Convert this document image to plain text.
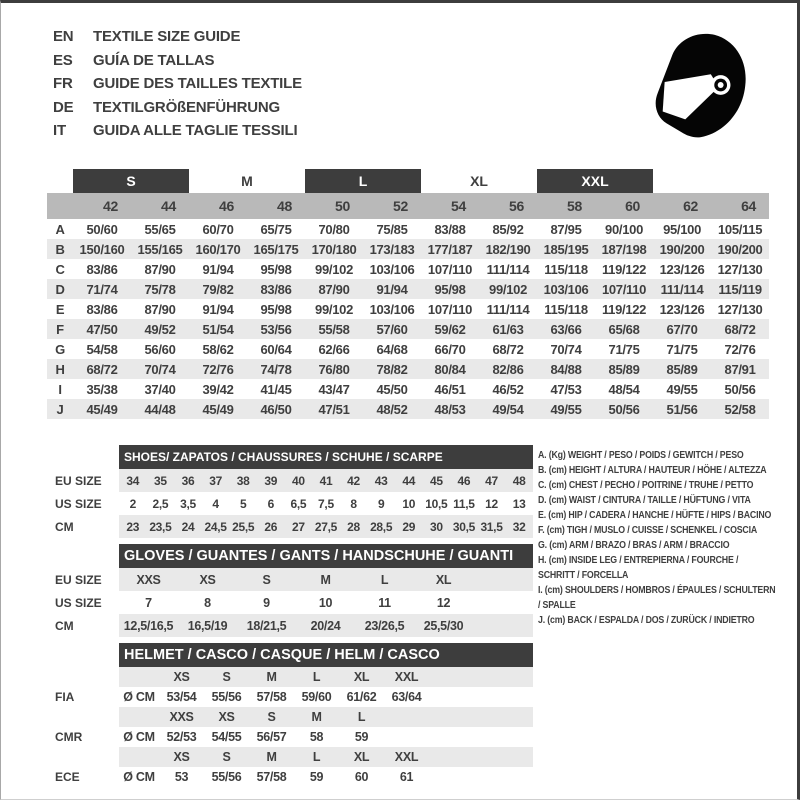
EN	TEXTILE SIZE GUIDE
ES	GUÍA DE TALLAS
FR	GUIDE DES TAILLES TEXTILE
DE	TEXTILGRÖßENFÜHRUNG
IT	GUIDA ALLE TAGLIE TESSILI
	S		M		L		XL		XXL			
	42	44	46	48	50	52	54	56	58	60	62	64
A	50/60	55/65	60/70	65/75	70/80	75/85	83/88	85/92	87/95	90/100	95/100	105/115
B	150/160	155/165	160/170	165/175	170/180	173/183	177/187	182/190	185/195	187/198	190/200	190/200
C	83/86	87/90	91/94	95/98	99/102	103/106	107/110	111/114	115/118	119/122	123/126	127/130
D	71/74	75/78	79/82	83/86	87/90	91/94	95/98	99/102	103/106	107/110	111/114	115/119
E	83/86	87/90	91/94	95/98	99/102	103/106	107/110	111/114	115/118	119/122	123/126	127/130
F	47/50	49/52	51/54	53/56	55/58	57/60	59/62	61/63	63/66	65/68	67/70	68/72
G	54/58	56/60	58/62	60/64	62/66	64/68	66/70	68/72	70/74	71/75	71/75	72/76
H	68/72	70/74	72/76	74/78	76/80	78/82	80/84	82/86	84/88	85/89	85/89	87/91
I	35/38	37/40	39/42	41/45	43/47	45/50	46/51	46/52	47/53	48/54	49/55	50/56
J	45/49	44/48	45/49	46/50	47/51	48/52	48/53	49/54	49/55	50/56	51/56	52/58
	SHOES/ ZAPATOS / CHAUSSURES / SCHUHE / SCARPE														
EU SIZE	34	35	36	37	38	39	40	41	42	43	44	45	46	47	48
US SIZE	2	2,5	3,5	4	5	6	6,5	7,5	8	9	10	10,5	11,5	12	13
CM	23	23,5	24	24,5	25,5	26	27	27,5	28	28,5	29	30	30,5	31,5	32
	GLOVES / GUANTES / GANTS / HANDSCHUHE / GUANTI						
EU SIZE	XXS	XS	S	M	L	XL	
US SIZE	7	8	9	10	11	12	
CM	12,5/16,5	16,5/19	18/21,5	20/24	23/26,5	25,5/30	
	HELMET / CASCO / CASQUE / HELM / CASCO							
		XS	S	M	L	XL	XXL	
FIA	Ø CM	53/54	55/56	57/58	59/60	61/62	63/64	
		XXS	XS	S	M	L		
CMR	Ø CM	52/53	54/55	56/57	58	59		
		XS	S	M	L	XL	XXL	
ECE	Ø CM	53	55/56	57/58	59	60	61	
A. (Kg) WEIGHT / PESO / POIDS / GEWITCH / PESO
B. (cm) HEIGHT / ALTURA / HAUTEUR / HÖHE / ALTEZZA
C. (cm) CHEST / PECHO / POITRINE / TRUHE / PETTO
D. (cm) WAIST / CINTURA / TAILLE / HÜFTUNG / VITA
E. (cm) HIP / CADERA / HANCHE / HÜFTE / HIPS / BACINO
F. (cm) TIGH / MUSLO / CUISSE / SCHENKEL / COSCIA
G. (cm) ARM / BRAZO / BRAS / ARM / BRACCIO
H. (cm) INSIDE LEG / ENTREPIERNA / FOURCHE / SCHRITT / FORCELLA
I. (cm) SHOULDERS / HOMBROS / ÉPAULES / SCHULTERN / SPALLE
J. (cm) BACK / ESPALDA / DOS / ZURÜCK / INDIETRO
